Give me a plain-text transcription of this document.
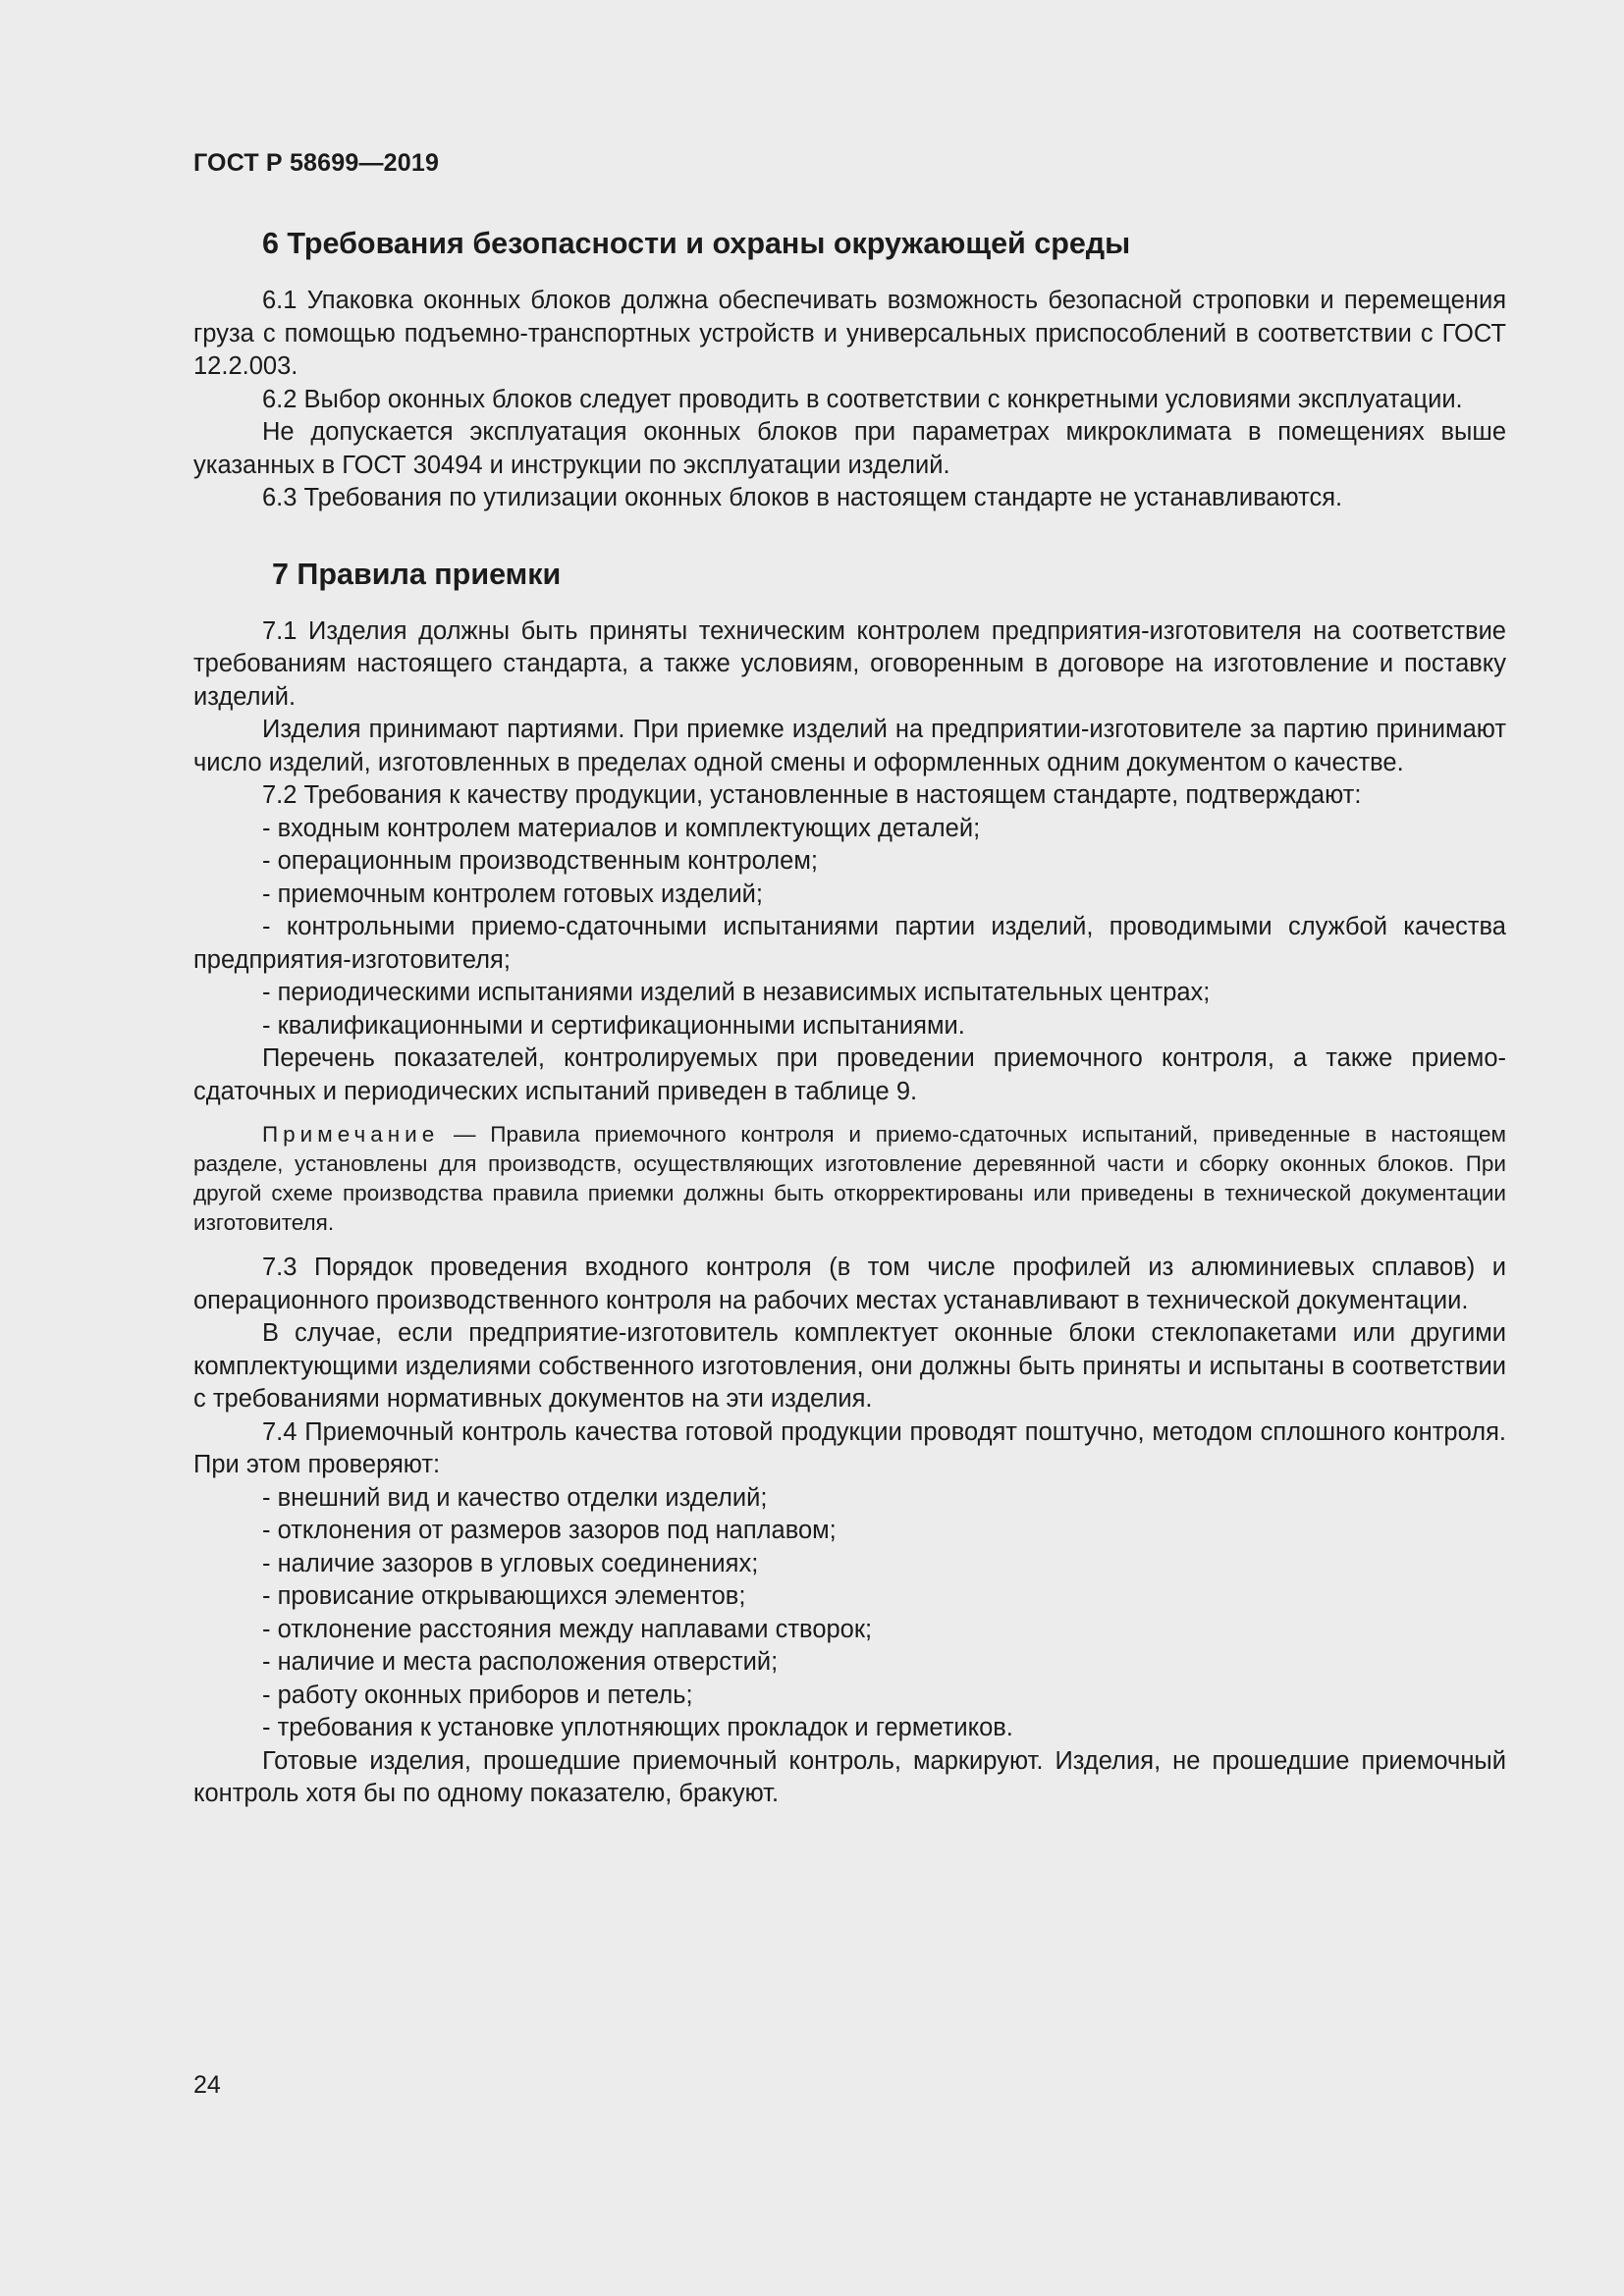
ГОСТ Р 58699—2019
6 Требования безопасности и охраны окружающей среды

6.1 Упаковка оконных блоков должна обеспечивать возможность безопасной строповки и перемещения груза с помощью подъемно-транспортных устройств и универсальных приспособлений в соответствии с ГОСТ 12.2.003.

6.2 Выбор оконных блоков следует проводить в соответствии с конкретными условиями эксплуатации.

Не допускается эксплуатация оконных блоков при параметрах микроклимата в помещениях выше указанных в ГОСТ 30494 и инструкции по эксплуатации изделий.

6.3 Требования по утилизации оконных блоков в настоящем стандарте не устанавливаются.

7 Правила приемки

7.1 Изделия должны быть приняты техническим контролем предприятия-изготовителя на соответствие требованиям настоящего стандарта, а также условиям, оговоренным в договоре на изготовление и поставку изделий.

Изделия принимают партиями. При приемке изделий на предприятии-изготовителе за партию принимают число изделий, изготовленных в пределах одной смены и оформленных одним документом о качестве.

7.2 Требования к качеству продукции, установленные в настоящем стандарте, подтверждают:

- входным контролем материалов и комплектующих деталей;

- операционным производственным контролем;

- приемочным контролем готовых изделий;

- контрольными приемо-сдаточными испытаниями партии изделий, проводимыми службой качества предприятия-изготовителя;

- периодическими испытаниями изделий в независимых испытательных центрах;

- квалификационными и сертификационными испытаниями.

Перечень показателей, контролируемых при проведении приемочного контроля, а также приемо-сдаточных и периодических испытаний приведен в таблице 9.

Примечание — Правила приемочного контроля и приемо-сдаточных испытаний, приведенные в настоящем разделе, установлены для производств, осуществляющих изготовление деревянной части и сборку оконных блоков. При другой схеме производства правила приемки должны быть откорректированы или приведены в технической документации изготовителя.

7.3 Порядок проведения входного контроля (в том числе профилей из алюминиевых сплавов) и операционного производственного контроля на рабочих местах устанавливают в технической документации.

В случае, если предприятие-изготовитель комплектует оконные блоки стеклопакетами или другими комплектующими изделиями собственного изготовления, они должны быть приняты и испытаны в соответствии с требованиями нормативных документов на эти изделия.

7.4 Приемочный контроль качества готовой продукции проводят поштучно, методом сплошного контроля. При этом проверяют:

- внешний вид и качество отделки изделий;

- отклонения от размеров зазоров под наплавом;

- наличие зазоров в угловых соединениях;

- провисание открывающихся элементов;

- отклонение расстояния между наплавами створок;

- наличие и места расположения отверстий;

- работу оконных приборов и петель;

- требования к установке уплотняющих прокладок и герметиков.

Готовые изделия, прошедшие приемочный контроль, маркируют. Изделия, не прошедшие приемочный контроль хотя бы по одному показателю, бракуют.

24
